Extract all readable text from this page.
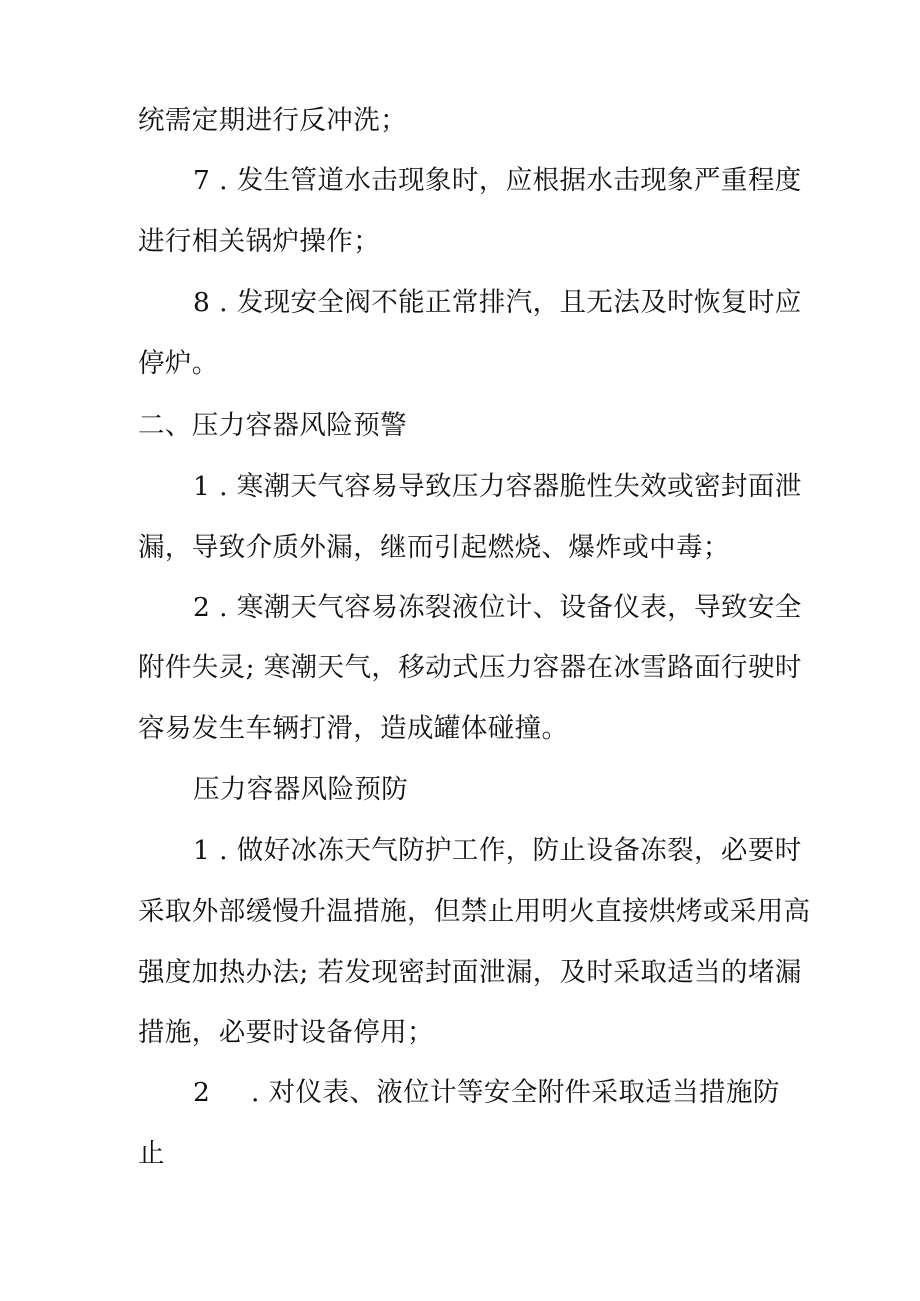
统需定期进行反冲洗；
7 . 发生管道水击现象时，应根据水击现象严重程度
进行相关锅炉操作；
8 . 发现安全阀不能正常排汽，且无法及时恢复时应
停炉。
二、压力容器风险预警
1 . 寒潮天气容易导致压力容器脆性失效或密封面泄
漏，导致介质外漏，继而引起燃烧、爆炸或中毒；
2 . 寒潮天气容易冻裂液位计、设备仪表，导致安全
附件失灵; 寒潮天气，移动式压力容器在冰雪路面行驶时
容易发生车辆打滑，造成罐体碰撞。
压力容器风险预防
1 . 做好冰冻天气防护工作，防止设备冻裂，必要时
采取外部缓慢升温措施，但禁止用明火直接烘烤或采用高
强度加热办法; 若发现密封面泄漏，及时采取适当的堵漏
措施，必要时设备停用；
2 . 对仪表、液位计等安全附件采取适当措施防
止
